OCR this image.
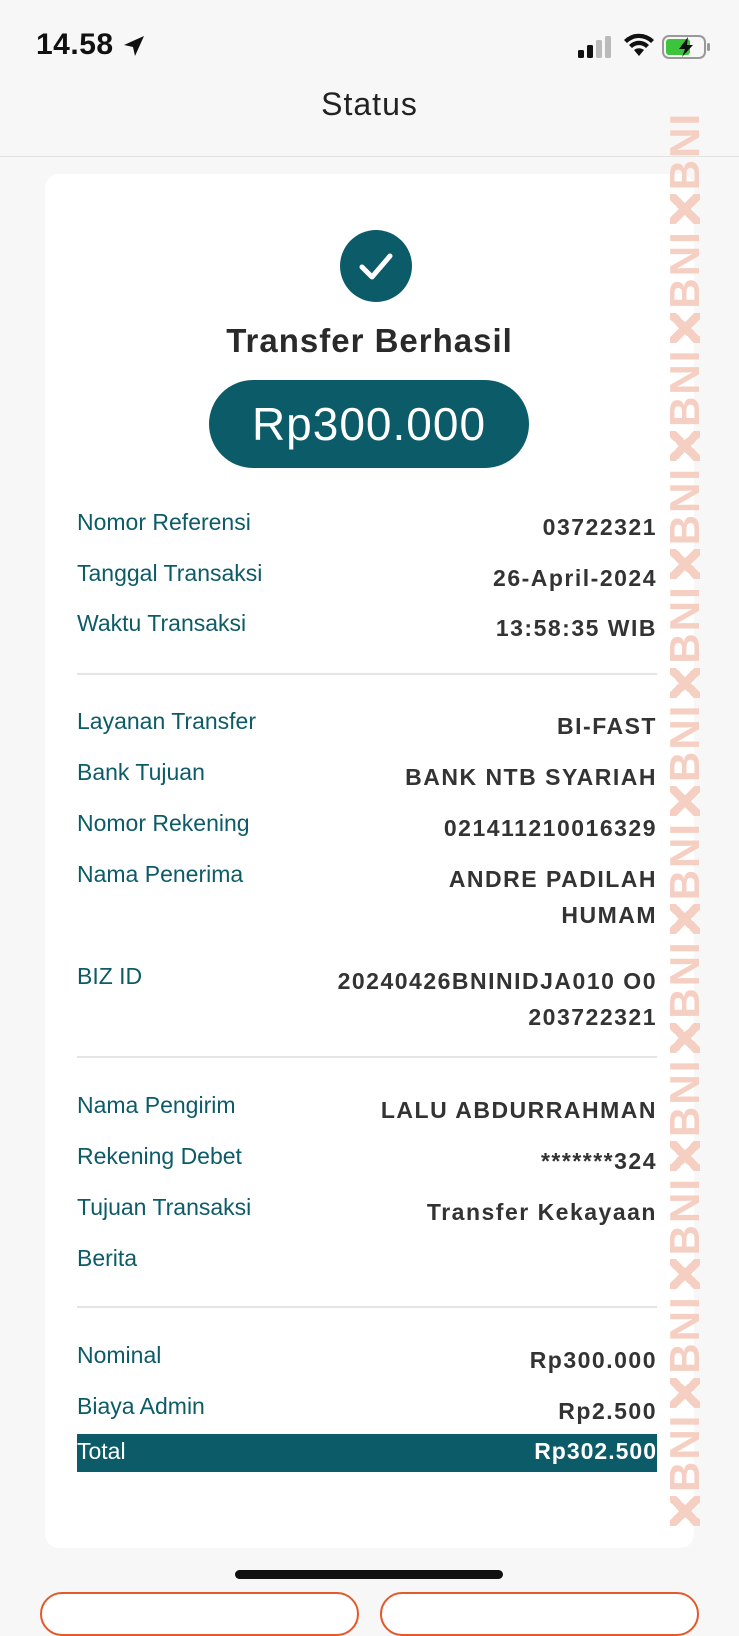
14.58
Status
BNI
BNI
BNI
BNI
BNI
BNI
BNI
BNI
BNI
BNI
BNI
BNI
Transfer Berhasil
Rp300.000
Nomor Referensi	03722321
Tanggal Transaksi	26-April-2024
Waktu Transaksi	13:58:35 WIB
Layanan Transfer	BI-FAST
Bank Tujuan	BANK NTB SYARIAH
Nomor Rekening	021411210016329
Nama Penerima	ANDRE PADILAH HUMAM
BIZ ID	20240426BNINIDJA010 O0203722321
Nama Pengirim	LALU ABDURRAHMAN
Rekening Debet	*******324
Tujuan Transaksi	Transfer Kekayaan
Berita
Nominal	Rp300.000
Biaya Admin	Rp2.500
Total	Rp302.500
